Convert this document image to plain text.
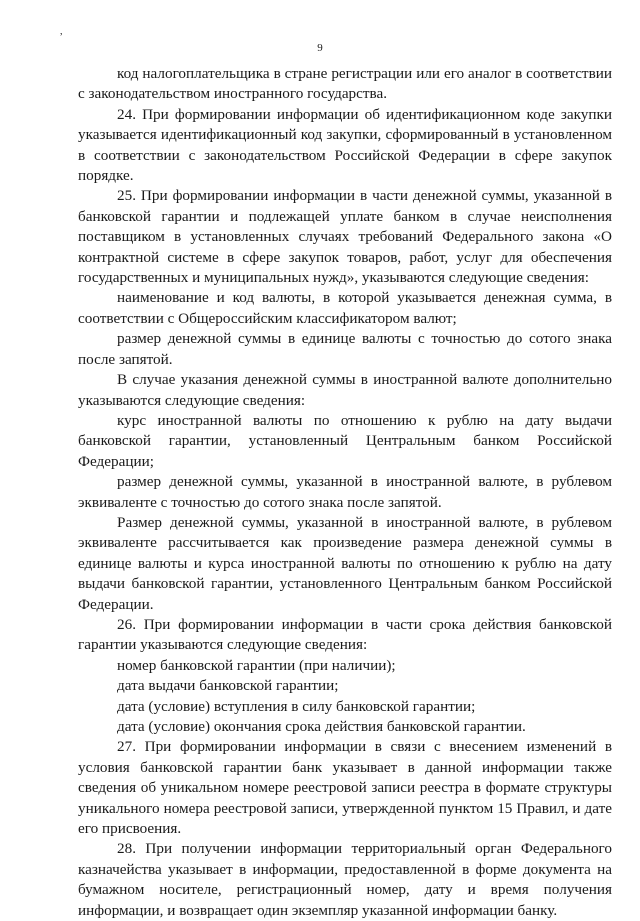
,
9

код налогоплательщика в стране регистрации или его аналог в соответствии с законодательством иностранного государства.

24. При формировании информации об идентификационном коде закупки указывается идентификационный код закупки, сформированный в установленном в соответствии с законодательством Российской Федерации в сфере закупок порядке.

25. При формировании информации в части денежной суммы, указанной в банковской гарантии и подлежащей уплате банком в случае неисполнения поставщиком в установленных случаях требований Федерального закона «О контрактной системе в сфере закупок товаров, работ, услуг для обеспечения государственных и муниципальных нужд», указываются следующие сведения:

наименование и код валюты, в которой указывается денежная сумма, в соответствии с Общероссийским классификатором валют;

размер денежной суммы в единице валюты с точностью до сотого знака после запятой.

В случае указания денежной суммы в иностранной валюте дополнительно указываются следующие сведения:

курс иностранной валюты по отношению к рублю на дату выдачи банковской гарантии, установленный Центральным банком Российской Федерации;

размер денежной суммы, указанной в иностранной валюте, в рублевом эквиваленте с точностью до сотого знака после запятой.

Размер денежной суммы, указанной в иностранной валюте, в рублевом эквиваленте рассчитывается как произведение размера денежной суммы в единице валюты и курса иностранной валюты по отношению к рублю на дату выдачи банковской гарантии, установленного Центральным банком Российской Федерации.

26. При формировании информации в части срока действия банковской гарантии указываются следующие сведения:

номер банковской гарантии (при наличии);

дата выдачи банковской гарантии;

дата (условие) вступления в силу банковской гарантии;

дата (условие) окончания срока действия банковской гарантии.

27. При формировании информации в связи с внесением изменений в условия банковской гарантии банк указывает в данной информации также сведения об уникальном номере реестровой записи реестра в формате структуры уникального номера реестровой записи, утвержденной пунктом 15 Правил, и дате его присвоения.

28. При получении информации территориальный орган Федерального казначейства указывает в информации, предоставленной в форме документа на бумажном носителе, регистрационный номер, дату и время получения информации, и возвращает один экземпляр указанной информации банку.
